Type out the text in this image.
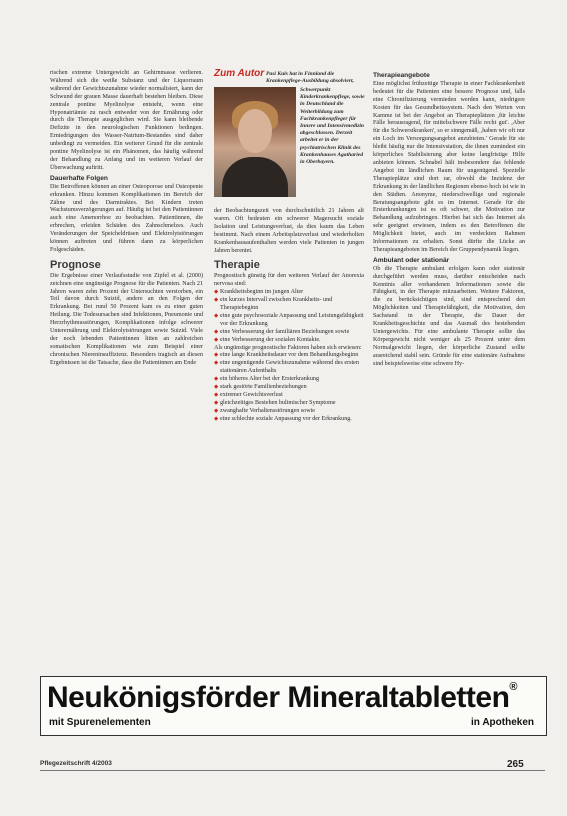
rischen extreme Untergewicht an Gehirnmasse verlieren. Während sich die weiße Substanz und der Liquorraum während der Gewichtszunahme wieder normalisiert, kann der Schwund der grauen Masse dauerhaft bestehen bleiben. Diese zentrale pontine Myelinolyse entsteht, wenn eine Hyponatriämie zu rasch entweder von der Ernährung oder durch die Therapie ausgeglichen wird. Sie kann bleibende Defizite in den neurologischen Funktionen bedingen. Erniedrigungen des Wasser-Natrium-Bestandes sind daher unbedingt zu vermeiden. Ein weiterer Grund für die zentrale pontine Myelinolyse ist ein Phänomen, das häufig während der Behandlung zu Anfang und im weiteren Verlauf der Überwachung auftritt.

Dauerhafte Folgen

Die Betroffenen können an einer Osteoporose und Osteopenie erkranken. Hinzu kommen Komplikationen im Bereich der Zähne und des Darmtraktes. Bei Kindern treten Wachstumsverzögerungen auf. Häufig ist bei den Patientinnen auch eine Amenorrhoe zu beobachten. Patientinnen, die erbrechen, erleiden Schäden des Zahnschmelzes. Auch Veränderungen der Speicheldrüsen und Elektrolytstörungen können auftreten und führen dann zu körperlichen Folgeschäden.

Prognose

Die Ergebnisse einer Verlaufsstudie von Zipfel et al. (2000) zeichnen eine ungünstige Prognose für die Patienten. Nach 21 Jahren waren zehn Prozent der Untersuchten verstorben, ein Teil davon durch Suizid, andere an den Folgen der Erkrankung. Bei rund 50 Prozent kam es zu einer guten Heilung. Die Todesursachen sind Infektionen, Pneumonie und Herzrhythmusstörungen, Komplikationen infolge schwerer Unterernährung und Elektrolytstörungen sowie Suizid. Viele der noch lebenden Patientinnen litten an zahlreichen somatischen Komplikationen wie zum Beispiel einer chronischen Niereninsuffizienz. Besonders tragisch an diesen Ergebnissen ist die Tatsache, dass die Patientinnen am Ende

Zum Autor Pasi Kuls hat in Finnland die Krankenpflege-Ausbildung absolviert,
Schwerpunkt Kinderkrankenpflege, sowie in Deutschland die Weiterbildung zum Fachkrankenpfleger für Innere und Intensivmedizin abgeschlossen. Derzeit arbeitet er in der psychiatrischen Klinik des Krankenhauses Agatharied in Oberbayern.

der Beobachtungszeit von durchschnittlich 21 Jahren alt waren. Oft bedeuten ein schwerer Magersucht soziale Isolation und Leistungsverlust, da dies kaum das Leben bestimmt. Nach einem Arbeitsplatzverlust und wiederholten Krankenhausaufenthalten werden viele Patienten in jungen Jahren berentet.

Therapie

Prognostisch günstig für den weiteren Verlauf der Anorexia nervosa sind:

◆ Krankheitsbeginn im jungen Alter
◆ ein kurzes Intervall zwischen Krankheits- und Therapiebeginn
◆ eine gute psychosoziale Anpassung und Leistungsfähigkeit vor der Erkrankung
◆ eine Verbesserung der familiären Beziehungen sowie
◆ eine Verbesserung der sozialen Kontakte.

Als ungünstige prognostische Faktoren haben sich erwiesen:

◆ eine lange Krankheitsdauer vor dem Behandlungsbeginn
◆ eine ungenügende Gewichtszunahme während des ersten stationären Aufenthalts
◆ ein höheres Alter bei der Ersterkrankung
◆ stark gestörte Familienbeziehungen
◆ extremer Gewichtsverlust
◆ gleichzeitiges Bestehen bulimischer Symptome
◆ zwanghafte Verhaltensstörungen sowie
◆ eine schlechte soziale Anpassung vor der Erkrankung.
Therapieangebote

Eine möglichst frühzeitige Therapie in einer Fachkrankenheit bedeutet für die Patienten eine bessere Prognose und, falls eine Chronifizierung vermieden werden kann, niedrigere Kosten für das Gesundheitssystem. Nach den Werten von Kamme ist bei der Angebot an Therapieplätzen ,für leichte Fälle herausragend, für mittelschwere Fälle recht gut'. ,Aber für die Schwerstkranken', so er sinngemäß, ,haben wir oft nur ein Loch im Versorgungsangebot anzubieten.' Gerade für sie bleibt häufig nur die Intensivstation, die ihnen zumindest ein körperliches Stabilisierung aber keine langfristige Hilfe anbieten können. Schnabel hält insbesondere das fehlende Angebot im ländlichen Raum für ungenügend. Spezielle Therapieplätze sind dort rar, obwohl die Inzidenz der Erkrankung in der ländlichen Regionen ebenso hoch ist wie in den Städten. Anonyme, niederschwellige und regionale Beratungsangebote gibt es im Internet. Gerade für die Ersterkrankungen ist es oft schwer, die Motivation zur Behandlung aufzubringen. Hierbei hat sich das Internet als sehr geeignet erwiesen, indem es den Betroffenen die Möglichkeit bietet, auch im verdeckten Rahmen Informationen zu erhalten. Sonst dürfte die Lücke an Therapieangeboten im Bereich der Gruppendynamik liegen.

Ambulant oder stationär

Ob die Therapie ambulant erfolgen kann oder stationär durchgeführt werden muss, darüber entscheiden nach Kenntnis aller vorhandenen Informationen sowie die Fähigkeit, in der Therapie mitzuarbeiten. Weitere Faktoren, die zu berücksichtigen sind, sind entsprechend den Möglichkeiten und Therapiefähigkeit, die Motivation, den Sachstand in der Therapie, die Dauer der Krankheitsgeschichte und das Ausmaß des bestehenden Untergewichts. Für eine ambulante Therapie sollte das Körpergewicht nicht weniger als 25 Prozent unter dem Normalgewicht liegen, der körperliche Zustand sollte ausreichend stabil sein. Gründe für eine stationäre Aufnahme sind beispielsweise eine schwere Hy-

Neukönigsförder Mineraltabletten®
mit Spurenelementen	in Apotheken
Pflegezeitschrift 4/2003	265
